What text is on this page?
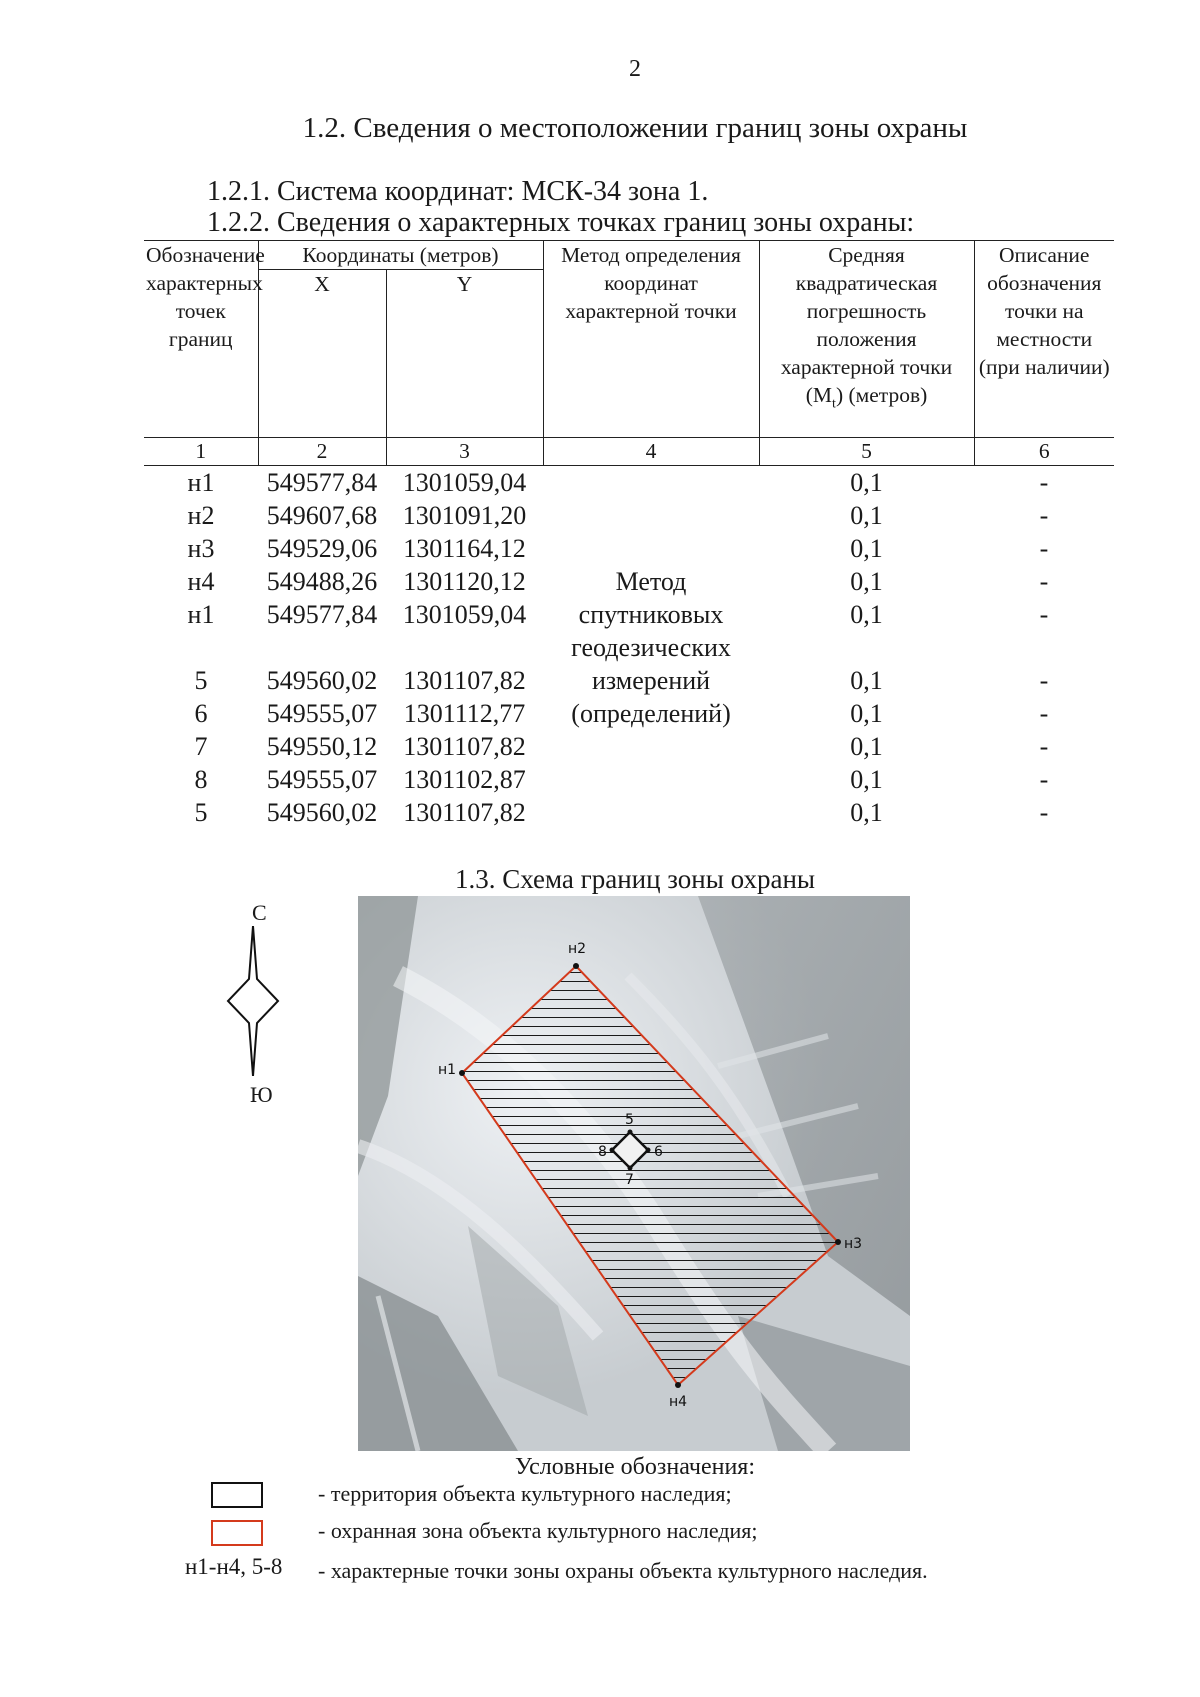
2
1.2. Сведения о местоположении границ зоны охраны
1.2.1. Система координат: МСК-34 зона 1.
1.2.2. Сведения о характерных точках границ зоны охраны:
Обозначение характерных точек границ	Координаты (метров)		Метод определения координат характерной точки	Средняя квадратическая погрешность положения характерной точки $(M_t)$ (метров)	Описание обозначения точки на местности (при наличии)
	X	Y			
1	2	3	4	5	6
н1	549577,84	1301059,04	Метод спутниковых геодезических измерений (определений)	0,1	-
н2	549607,68	1301091,20		0,1	-
н3	549529,06	1301164,12		0,1	-
н4	549488,26	1301120,12		0,1	-
н1	549577,84	1301059,04		0,1	-

5	549560,02	1301107,82		0,1	-
6	549555,07	1301112,77		0,1	-
7	549550,12	1301107,82		0,1	-
8	549555,07	1301102,87		0,1	-
5	549560,02	1301107,82		0,1	-
1.3. Схема границ зоны охраны
С
Ю
н1
н2
н3
н4
5
6
7
8
Условные обозначения:
- территория объекта культурного наследия;
- охранная зона объекта культурного наследия;
н1-н4, 5-8 - характерные точки зоны охраны объекта культурного наследия.
